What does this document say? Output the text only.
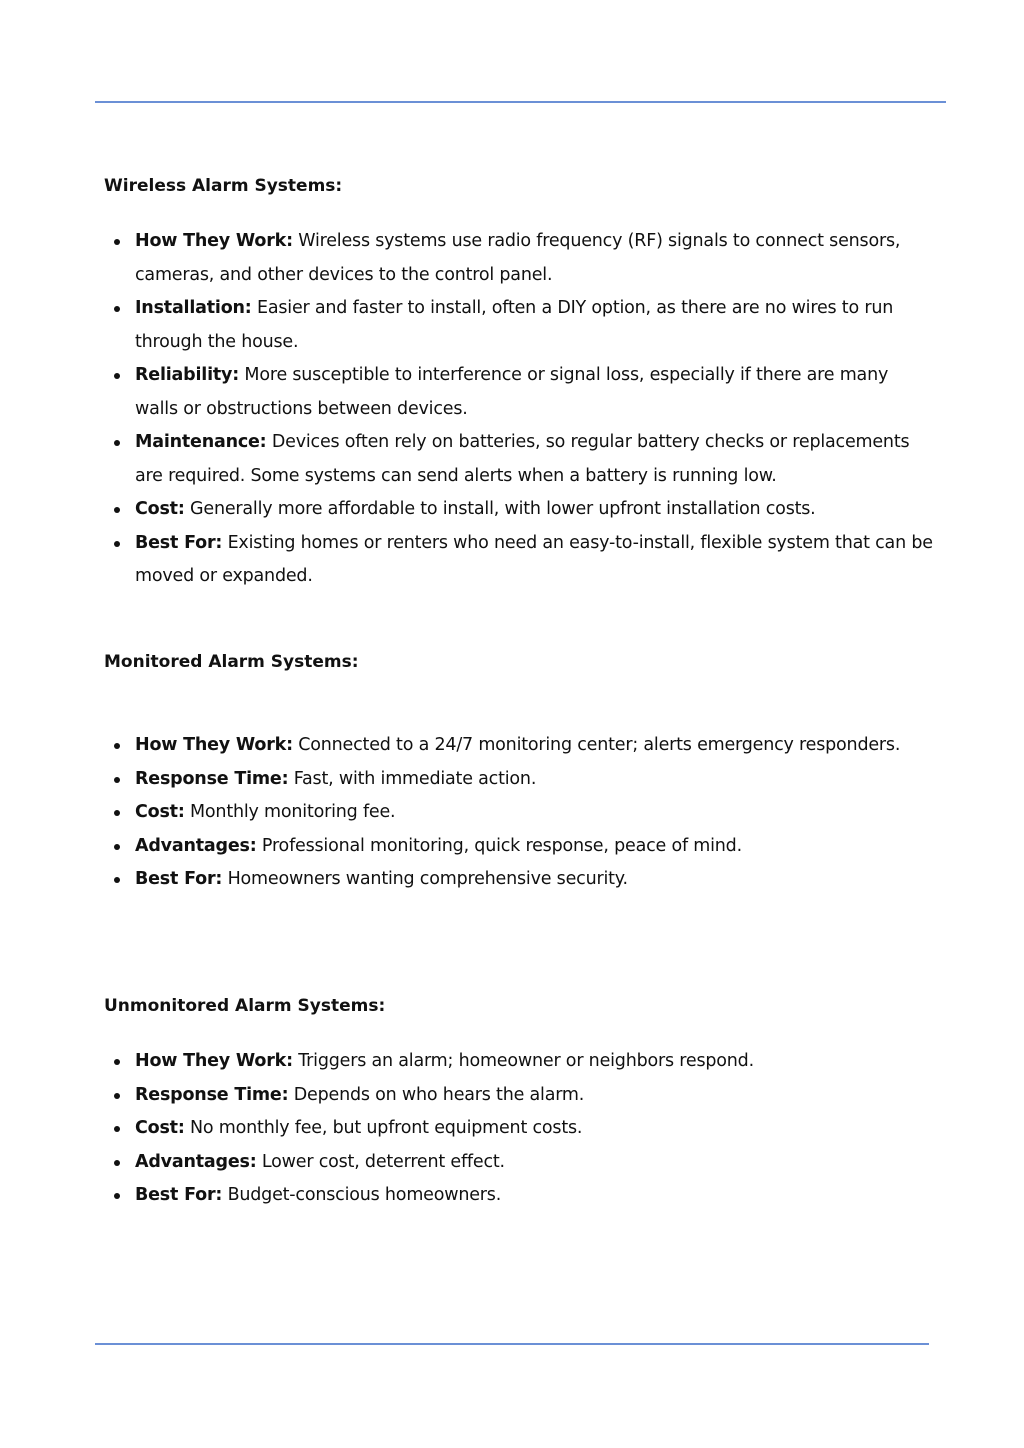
Wireless Alarm Systems:
How They Work: Wireless systems use radio frequency (RF) signals to connect sensors, cameras, and other devices to the control panel.
Installation: Easier and faster to install, often a DIY option, as there are no wires to run through the house.
Reliability: More susceptible to interference or signal loss, especially if there are many walls or obstructions between devices.
Maintenance: Devices often rely on batteries, so regular battery checks or replacements are required. Some systems can send alerts when a battery is running low.
Cost: Generally more affordable to install, with lower upfront installation costs.
Best For: Existing homes or renters who need an easy-to-install, flexible system that can be moved or expanded.
Monitored Alarm Systems:
How They Work: Connected to a 24/7 monitoring center; alerts emergency responders.
Response Time: Fast, with immediate action.
Cost: Monthly monitoring fee.
Advantages: Professional monitoring, quick response, peace of mind.
Best For: Homeowners wanting comprehensive security.
Unmonitored Alarm Systems:
How They Work: Triggers an alarm; homeowner or neighbors respond.
Response Time: Depends on who hears the alarm.
Cost: No monthly fee, but upfront equipment costs.
Advantages: Lower cost, deterrent effect.
Best For: Budget-conscious homeowners.
